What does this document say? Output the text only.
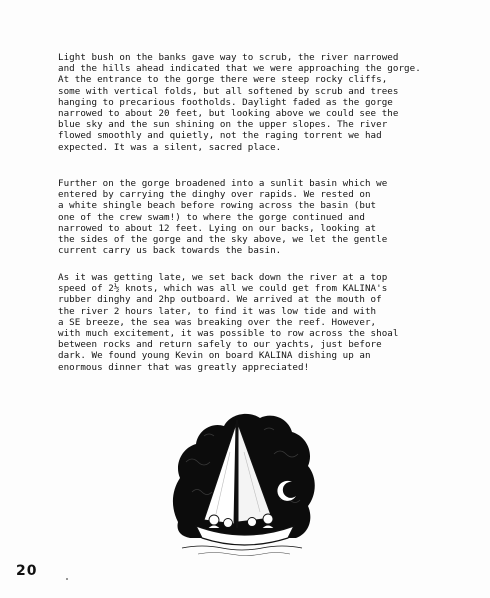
Light bush on the banks gave way to scrub, the river narrowed
and the hills ahead indicated that we were approaching the gorge.
At the entrance to the gorge there were steep rocky cliffs,
some with vertical folds, but all softened by scrub and trees
hanging to precarious footholds. Daylight faded as the gorge
narrowed to about 20 feet, but looking above we could see the
blue sky and the sun shining on the upper slopes. The river
flowed smoothly and quietly, not the raging torrent we had
expected. It was a silent, sacred place.
Further on the gorge broadened into a sunlit basin which we
entered by carrying the dinghy over rapids. We rested on
a white shingle beach before rowing across the basin (but
one of the crew swam!) to where the gorge continued and
narrowed to about 12 feet. Lying on our backs, looking at
the sides of the gorge and the sky above, we let the gentle
current carry us back towards the basin.
As it was getting late, we set back down the river at a top
speed of 2½ knots, which was all we could get from KALINA's
rubber dinghy and 2hp outboard. We arrived at the mouth of
the river 2 hours later, to find it was low tide and with
a SE breeze, the sea was breaking over the reef. However,
with much excitement, it was possible to row across the shoal
between rocks and return safely to our yachts, just before
dark. We found young Kevin on board KALINA dishing up an
enormous dinner that was greatly appreciated!
20
